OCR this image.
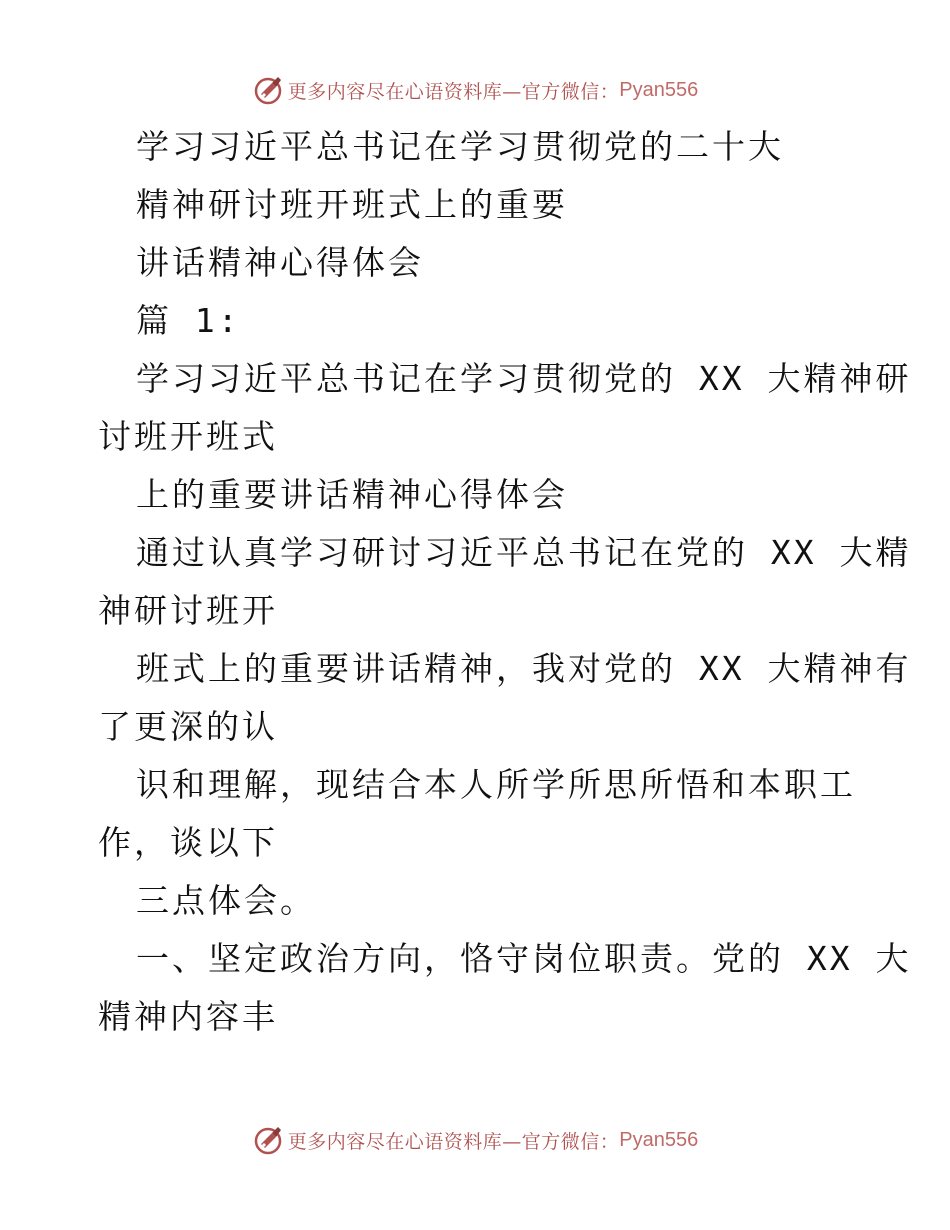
更多内容尽在心语资料库—官方微信： Pyan556
学习习近平总书记在学习贯彻党的二十大
精神研讨班开班式上的重要
讲话精神心得体会
篇 1:
学习习近平总书记在学习贯彻党的 XX 大精神研
讨班开班式
上的重要讲话精神心得体会
通过认真学习研讨习近平总书记在党的 XX 大精
神研讨班开
班式上的重要讲话精神，我对党的 XX 大精神有
了更深的认
识和理解，现结合本人所学所思所悟和本职工
作，谈以下
三点体会。
一、坚定政治方向，恪守岗位职责。党的 XX 大
精神内容丰
更多内容尽在心语资料库—官方微信： Pyan556
